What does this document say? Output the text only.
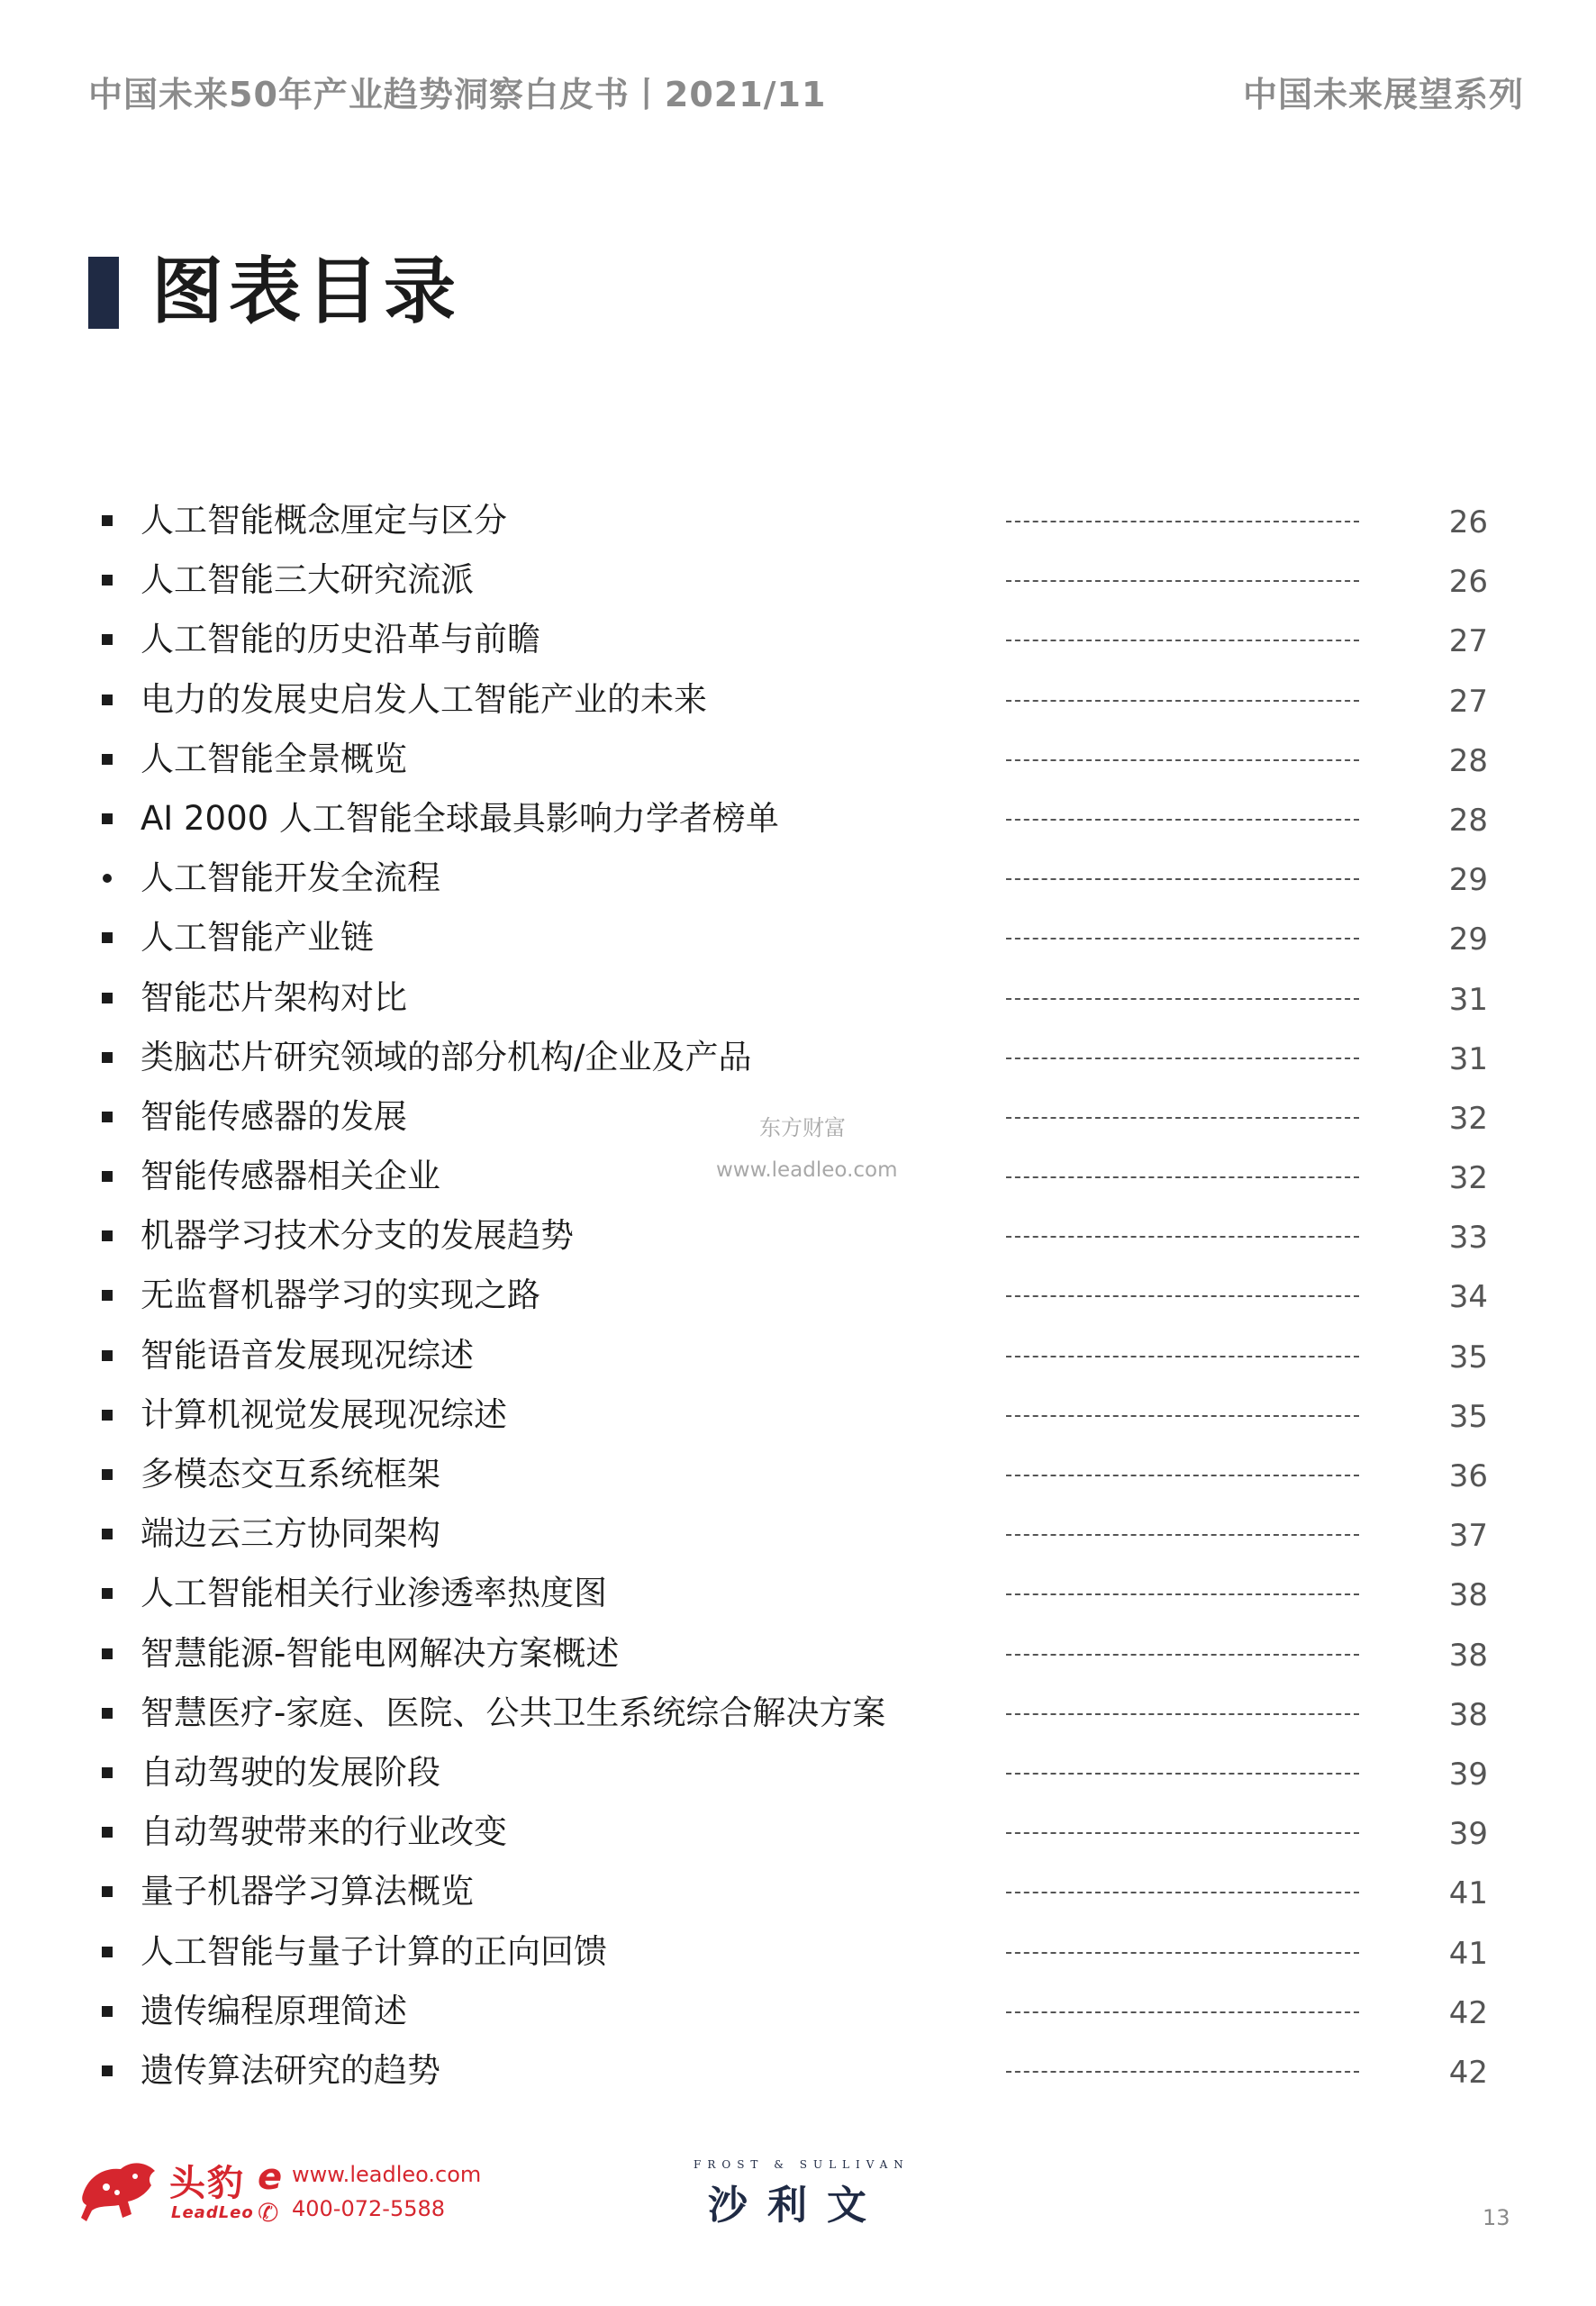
中国未来50年产业趋势洞察白皮书丨2021/11	中国未来展望系列
图表目录
人工智能概念厘定与区分	26
人工智能三大研究流派	26
人工智能的历史沿革与前瞻	27
电力的发展史启发人工智能产业的未来	27
人工智能全景概览	28
AI 2000 人工智能全球最具影响力学者榜单	28
人工智能开发全流程	29
人工智能产业链	29
智能芯片架构对比	31
类脑芯片研究领域的部分机构/企业及产品	31
智能传感器的发展	32
智能传感器相关企业	32
机器学习技术分支的发展趋势	33
无监督机器学习的实现之路	34
智能语音发展现况综述	35
计算机视觉发展现况综述	35
多模态交互系统框架	36
端边云三方协同架构	37
人工智能相关行业渗透率热度图	38
智慧能源-智能电网解决方案概述	38
智慧医疗-家庭、医院、公共卫生系统综合解决方案	38
自动驾驶的发展阶段	39
自动驾驶带来的行业改变	39
量子机器学习算法概览	41
人工智能与量子计算的正向回馈	41
遗传编程原理简述	42
遗传算法研究的趋势	42
东方财富
www.leadleo.com
头豹
LeadLeo
e
✆
www.leadleo.com
400-072-5588
FROST & SULLIVAN
沙利文	13
